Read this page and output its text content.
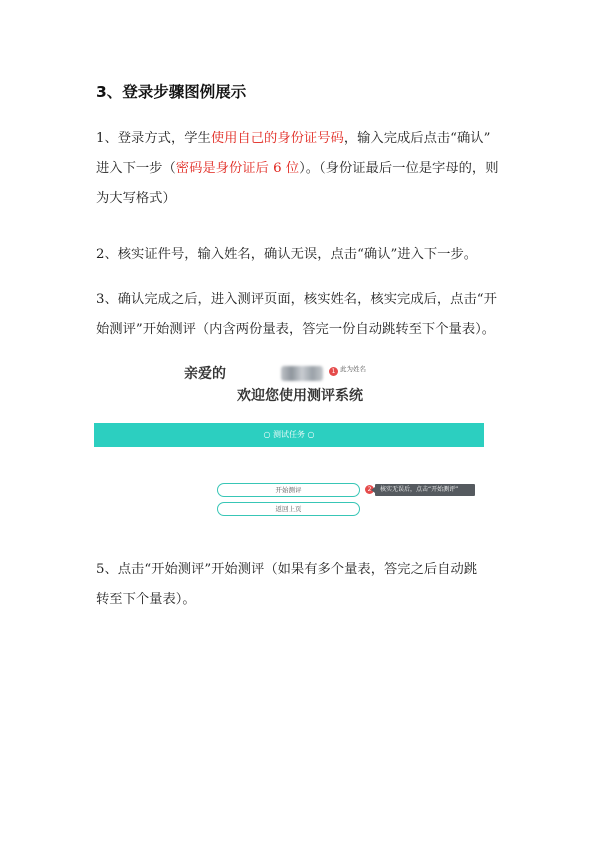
3、登录步骤图例展示
1、登录方式，学生使用自己的身份证号码，输入完成后点击“确认”
进入下一步（密码是身份证后 6 位）。（身份证最后一位是字母的，则
为大写格式）
2、核实证件号，输入姓名，确认无误，点击“确认”进入下一步。
3、确认完成之后，进入测评页面，核实姓名，核实完成后，点击“开
始测评”开始测评（内含两份量表，答完一份自动跳转至下个量表）。
亲爱的	1 此为姓名
欢迎您使用测评系统
○ 测试任务 ○
开始测评	2	核实无误后，点击“开始测评”
返回上页
5、点击“开始测评”开始测评（如果有多个量表，答完之后自动跳
转至下个量表）。
